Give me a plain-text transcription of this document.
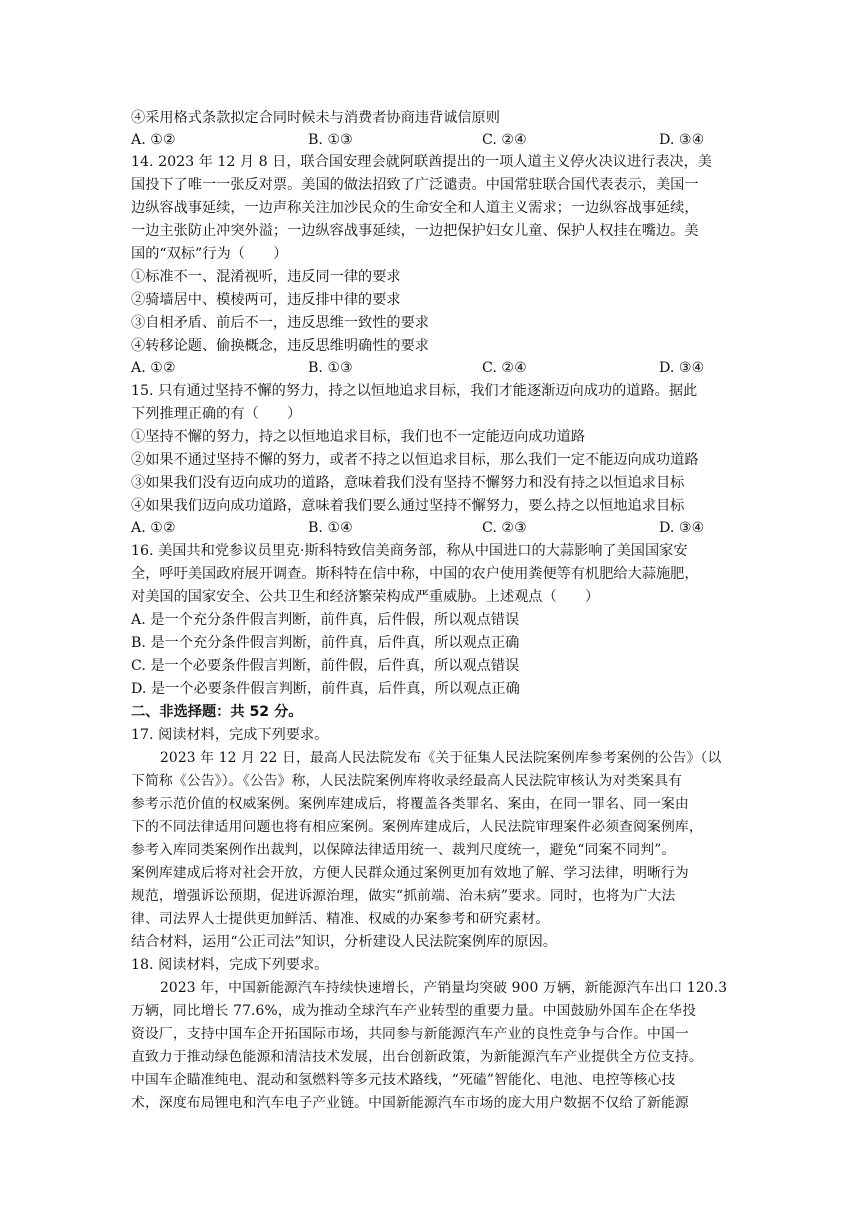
④采用格式条款拟定合同时候未与消费者协商违背诚信原则
A. ①②	B. ①③	C. ②④	D. ③④
14. 2023 年 12 月 8 日，联合国安理会就阿联酋提出的一项人道主义停火决议进行表决，美
国投下了唯一一张反对票。美国的做法招致了广泛谴责。中国常驻联合国代表表示，美国一
边纵容战事延续，一边声称关注加沙民众的生命安全和人道主义需求；一边纵容战事延续，
一边主张防止冲突外溢；一边纵容战事延续，一边把保护妇女儿童、保护人权挂在嘴边。美
国的“双标”行为（　　）
①标准不一、混淆视听，违反同一律的要求
②骑墙居中、模棱两可，违反排中律的要求
③自相矛盾、前后不一，违反思维一致性的要求
④转移论题、偷换概念，违反思维明确性的要求
A. ①②	B. ①③	C. ②④	D. ③④
15. 只有通过坚持不懈的努力，持之以恒地追求目标，我们才能逐渐迈向成功的道路。据此
下列推理正确的有（　　）
①坚持不懈的努力，持之以恒地追求目标，我们也不一定能迈向成功道路
②如果不通过坚持不懈的努力，或者不持之以恒追求目标，那么我们一定不能迈向成功道路
③如果我们没有迈向成功的道路，意味着我们没有坚持不懈努力和没有持之以恒追求目标
④如果我们迈向成功道路，意味着我们要么通过坚持不懈努力，要么持之以恒地追求目标
A. ①②	B. ①④	C. ②③	D. ③④
16. 美国共和党参议员里克·斯科特致信美商务部，称从中国进口的大蒜影响了美国国家安
全，呼吁美国政府展开调查。斯科特在信中称，中国的农户使用粪便等有机肥给大蒜施肥，
对美国的国家安全、公共卫生和经济繁荣构成严重威胁。上述观点（　　）
A. 是一个充分条件假言判断，前件真，后件假，所以观点错误
B. 是一个充分条件假言判断，前件真，后件真，所以观点正确
C. 是一个必要条件假言判断，前件假，后件真，所以观点错误
D. 是一个必要条件假言判断，前件真，后件真，所以观点正确
二、非选择题：共 52 分。
17. 阅读材料，完成下列要求。
2023 年 12 月 22 日，最高人民法院发布《关于征集人民法院案例库参考案例的公告》（以
下简称《公告》）。《公告》称，人民法院案例库将收录经最高人民法院审核认为对类案具有
参考示范价值的权威案例。案例库建成后，将覆盖各类罪名、案由，在同一罪名、同一案由
下的不同法律适用问题也将有相应案例。案例库建成后，人民法院审理案件必须查阅案例库，
参考入库同类案例作出裁判，以保障法律适用统一、裁判尺度统一，避免“同案不同判”。
案例库建成后将对社会开放，方便人民群众通过案例更加有效地了解、学习法律，明晰行为
规范，增强诉讼预期，促进诉源治理，做实“抓前端、治未病”要求。同时，也将为广大法
律、司法界人士提供更加鲜活、精准、权威的办案参考和研究素材。
结合材料，运用“公正司法”知识，分析建设人民法院案例库的原因。
18. 阅读材料，完成下列要求。
2023 年，中国新能源汽车持续快速增长，产销量均突破 900 万辆，新能源汽车出口 120.3
万辆，同比增长 77.6%，成为推动全球汽车产业转型的重要力量。中国鼓励外国车企在华投
资设厂，支持中国车企开拓国际市场，共同参与新能源汽车产业的良性竞争与合作。中国一
直致力于推动绿色能源和清洁技术发展，出台创新政策，为新能源汽车产业提供全方位支持。
中国车企瞄准纯电、混动和氢燃料等多元技术路线，“死磕”智能化、电池、电控等核心技
术，深度布局锂电和汽车电子产业链。中国新能源汽车市场的庞大用户数据不仅给了新能源
